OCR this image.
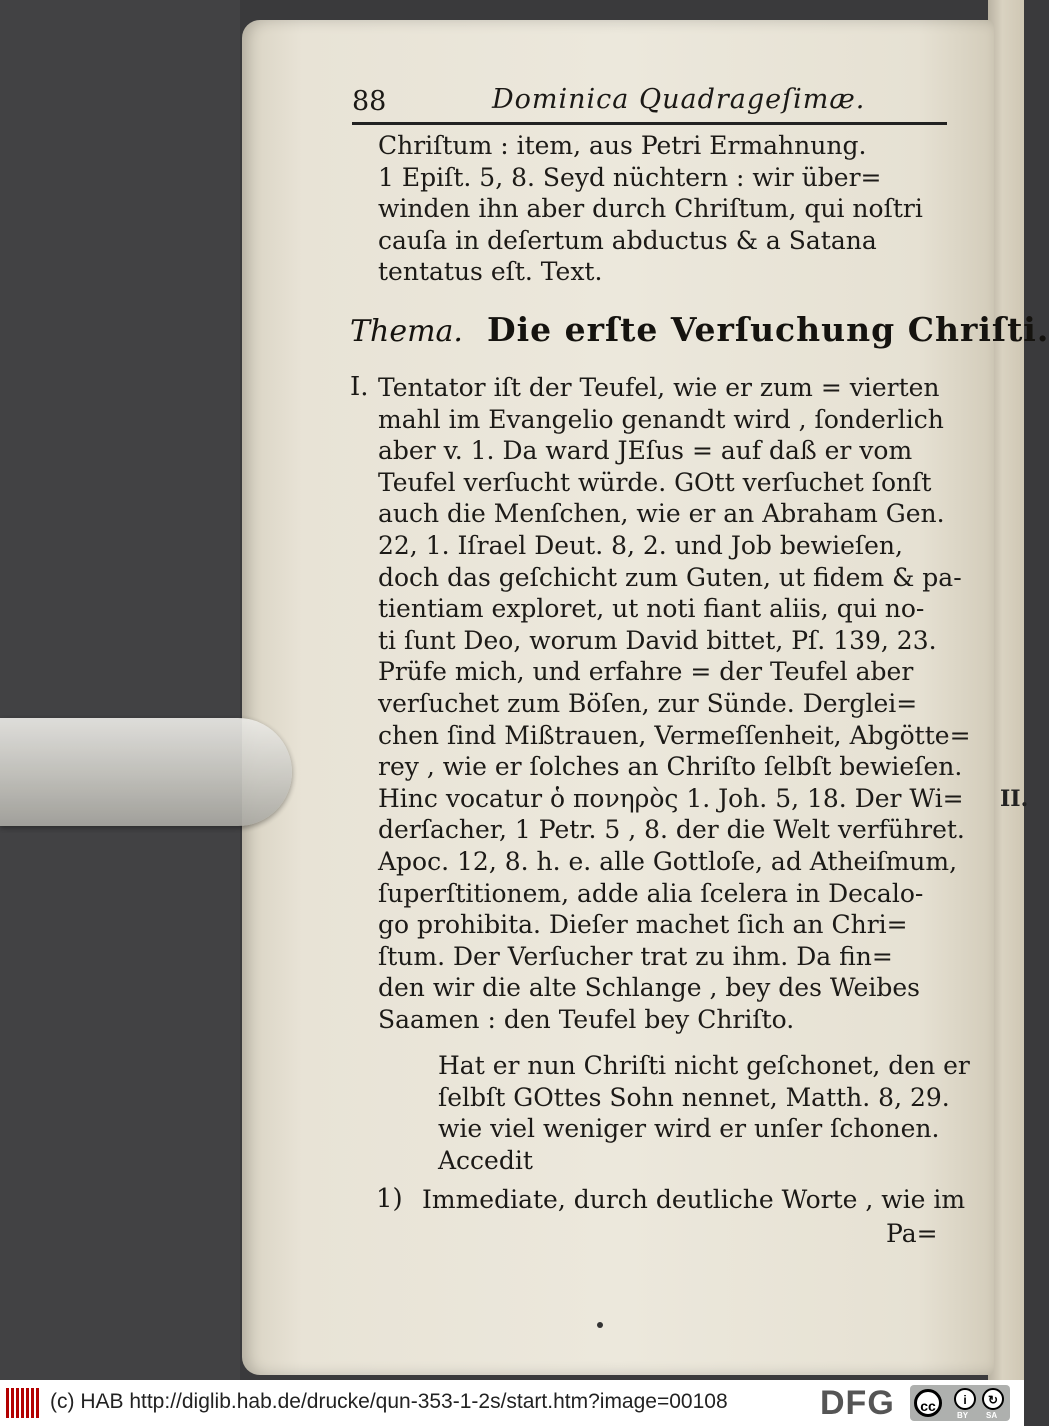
II.
88	Dominica Quadrageſimæ.
Chriſtum : item, aus Petri Ermahnung.
1 Epiſt. 5, 8. Seyd nüchtern : wir über=
winden ihn aber durch Chriſtum, qui noſtri
cauſa in deſertum abductus & a Satana
tentatus eſt. Text.
Thema. Die erſte Verſuchung Chriſti.
I. Tentator iſt der Teufel, wie er zum = vierten
mahl im Evangelio genandt wird , ſonderlich
aber v. 1. Da ward JEſus = auf daß er vom
Teufel verſucht würde. GOtt verſuchet ſonſt
auch die Menſchen, wie er an Abraham Gen.
22, 1. Iſrael Deut. 8, 2. und Job bewieſen,
doch das geſchicht zum Guten, ut fidem & pa-
tientiam exploret, ut noti fiant aliis, qui no-
ti ſunt Deo, worum David bittet, Pſ. 139, 23.
Prüfe mich, und erfahre = der Teufel aber
verſuchet zum Böſen, zur Sünde. Derglei=
chen ſind Mißtrauen, Vermeſſenheit, Abgötte=
rey , wie er ſolches an Chriſto ſelbſt bewieſen.
Hinc vocatur ὁ πονηρὸς 1. Joh. 5, 18. Der Wi=
derſacher, 1 Petr. 5 , 8. der die Welt verführet.
Apoc. 12, 8. h. e. alle Gottloſe, ad Atheiſmum,
ſuperſtitionem, adde alia ſcelera in Decalo-
go prohibita. Dieſer machet ſich an Chri=
ſtum. Der Verſucher trat zu ihm. Da fin=
den wir die alte Schlange , bey des Weibes
Saamen : den Teufel bey Chriſto.
Hat er nun Chriſti nicht geſchonet, den er
ſelbſt GOttes Sohn nennet, Matth. 8, 29.
wie viel weniger wird er unſer ſchonen.
Accedit
1) Immediate, durch deutliche Worte , wie im
Pa=
(c) HAB http://diglib.hab.de/drucke/qun-353-1-2s/start.htm?image=00108	DFG	cc	i	↻
BY SA
